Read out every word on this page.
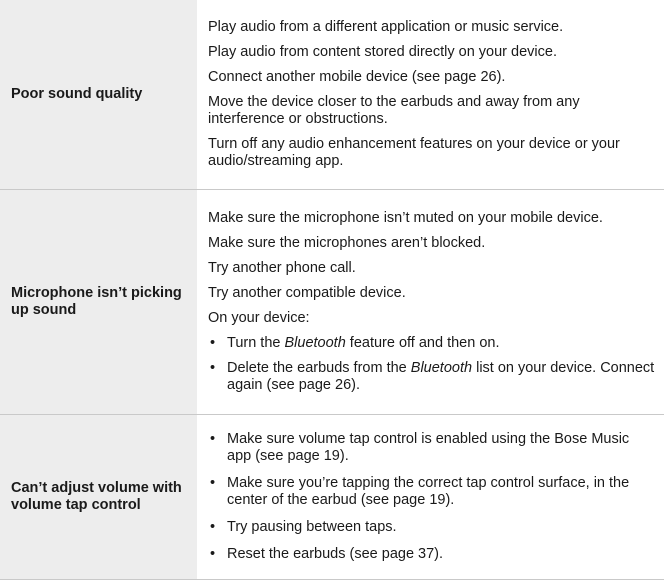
Poor sound quality
Play audio from a different application or music service.
Play audio from content stored directly on your device.
Connect another mobile device (see page 26).
Move the device closer to the earbuds and away from any interference or obstructions.
Turn off any audio enhancement features on your device or your audio/streaming app.
Microphone isn’t picking up sound
Make sure the microphone isn’t muted on your mobile device.
Make sure the microphones aren’t blocked.
Try another phone call.
Try another compatible device.
On your device:
• Turn the Bluetooth feature off and then on.
• Delete the earbuds from the Bluetooth list on your device. Connect again (see page 26).
Can’t adjust volume with volume tap control
• Make sure volume tap control is enabled using the Bose Music app (see page 19).
• Make sure you’re tapping the correct tap control surface, in the center of the earbud (see page 19).
• Try pausing between taps.
• Reset the earbuds (see page 37).
